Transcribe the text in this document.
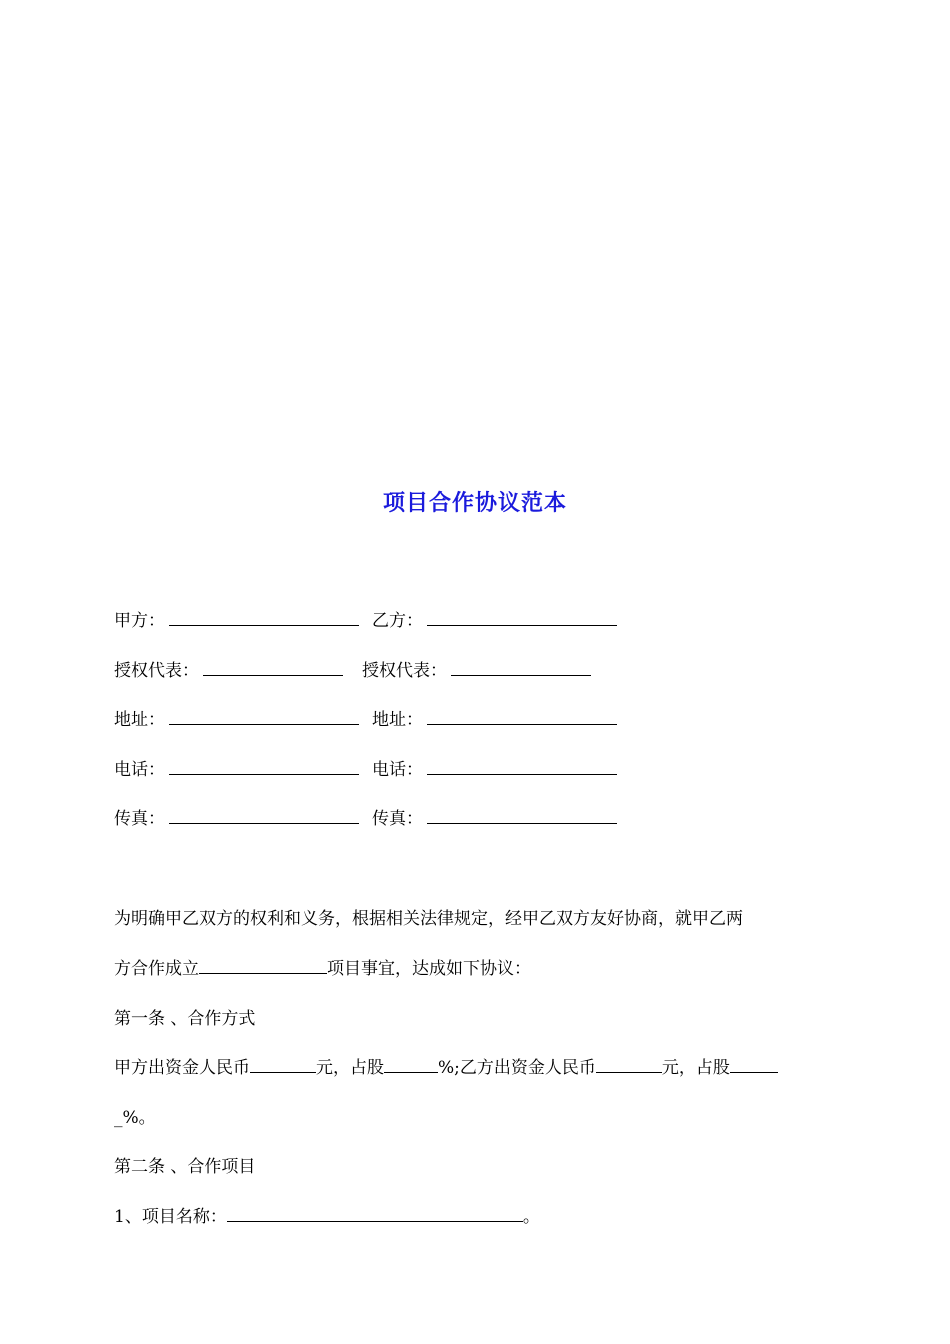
项目合作协议范本
甲方：	乙方：
授权代表：	授权代表：
地址：	地址：
电话：	电话：
传真：	传真：
为明确甲乙双方的权利和义务，根据相关法律规定，经甲乙双方友好协商，就甲乙两
方合作成立	项目事宜，达成如下协议：
第一条 、合作方式
甲方出资金人民币	元，占股	%;乙方出资金人民币	元，占股
_%。
第二条 、合作项目
1、项目名称：	。
